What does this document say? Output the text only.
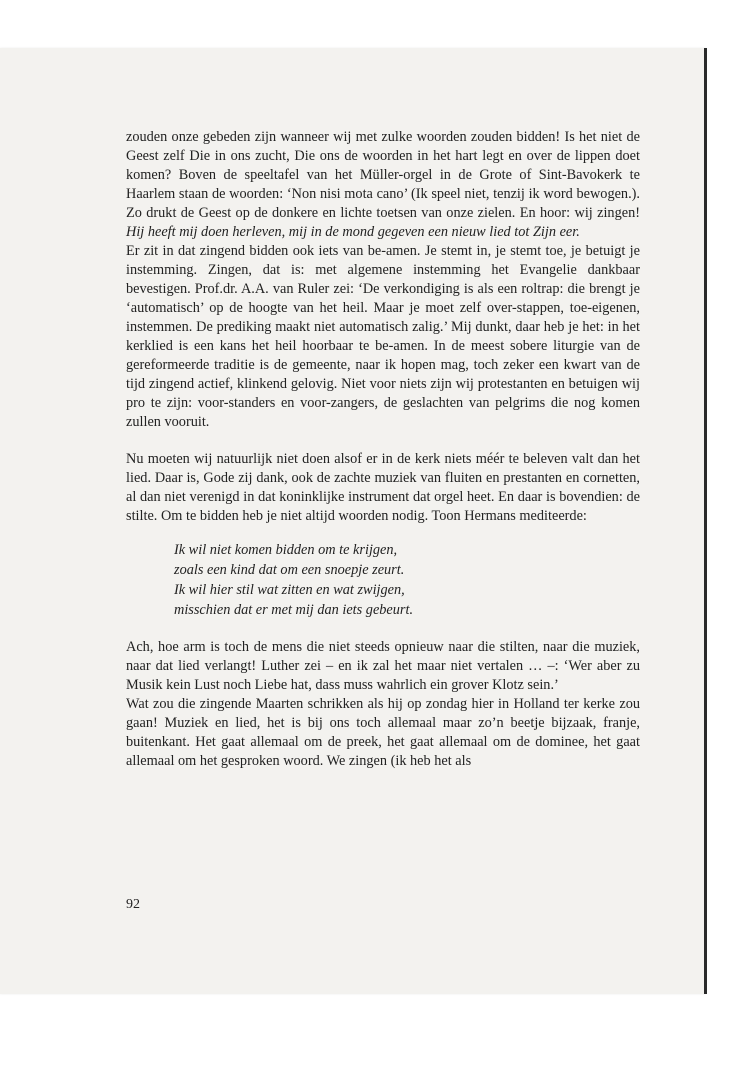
zouden onze gebeden zijn wanneer wij met zulke woorden zouden bidden! Is het niet de Geest zelf Die in ons zucht, Die ons de woorden in het hart legt en over de lippen doet komen? Boven de speeltafel van het Müller-orgel in de Grote of Sint-Bavokerk te Haarlem staan de woorden: ‘Non nisi mota cano’ (Ik speel niet, tenzij ik word bewogen.). Zo drukt de Geest op de donkere en lichte toetsen van onze zielen. En hoor: wij zingen! Hij heeft mij doen herleven, mij in de mond gegeven een nieuw lied tot Zijn eer.

Er zit in dat zingend bidden ook iets van be-amen. Je stemt in, je stemt toe, je betuigt je instemming. Zingen, dat is: met algemene instemming het Evangelie dankbaar bevestigen. Prof.dr. A.A. van Ruler zei: ‘De verkondiging is als een roltrap: die brengt je ‘automatisch’ op de hoogte van het heil. Maar je moet zelf over-stappen, toe-eigenen, instemmen. De prediking maakt niet automatisch zalig.’ Mij dunkt, daar heb je het: in het kerklied is een kans het heil hoorbaar te be-amen. In de meest sobere liturgie van de gereformeerde traditie is de gemeente, naar ik hopen mag, toch zeker een kwart van de tijd zingend actief, klinkend gelovig. Niet voor niets zijn wij protestanten en betuigen wij pro te zijn: voor-standers en voor-zangers, de geslachten van pelgrims die nog komen zullen vooruit.

Nu moeten wij natuurlijk niet doen alsof er in de kerk niets méér te beleven valt dan het lied. Daar is, Gode zij dank, ook de zachte muziek van fluiten en prestanten en cornetten, al dan niet verenigd in dat koninklijke instrument dat orgel heet. En daar is bovendien: de stilte. Om te bidden heb je niet altijd woorden nodig. Toon Hermans mediteerde:

Ik wil niet komen bidden om te krijgen,
zoals een kind dat om een snoepje zeurt.
Ik wil hier stil wat zitten en wat zwijgen,
misschien dat er met mij dan iets gebeurt.

Ach, hoe arm is toch de mens die niet steeds opnieuw naar die stilten, naar die muziek, naar dat lied verlangt! Luther zei – en ik zal het maar niet vertalen … –: ‘Wer aber zu Musik kein Lust noch Liebe hat, dass muss wahrlich ein grover Klotz sein.’

Wat zou die zingende Maarten schrikken als hij op zondag hier in Holland ter kerke zou gaan! Muziek en lied, het is bij ons toch allemaal maar zo’n beetje bijzaak, franje, buitenkant. Het gaat allemaal om de preek, het gaat allemaal om de dominee, het gaat allemaal om het gesproken woord. We zingen (ik heb het als

92
